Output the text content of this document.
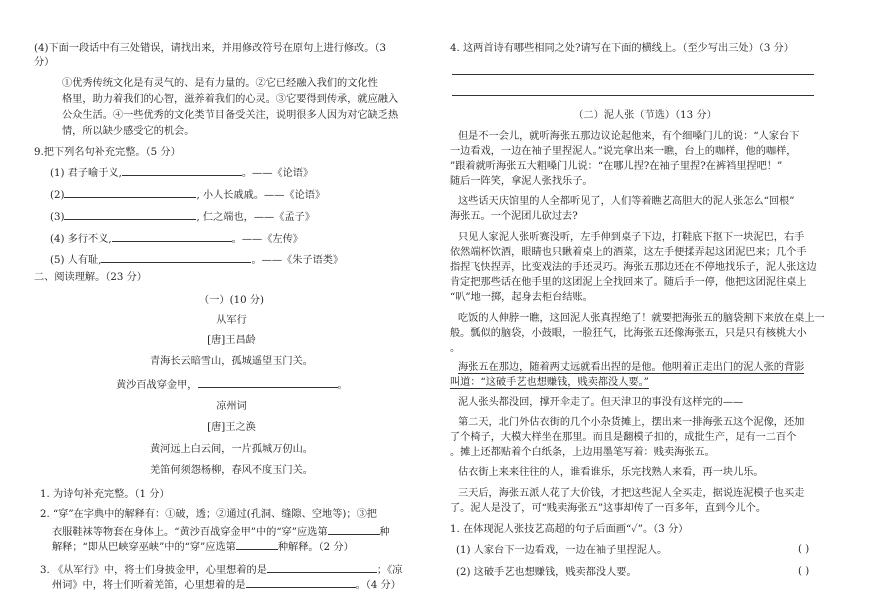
(4)下面一段话中有三处错误，请找出来，并用修改符号在原句上进行修改。（3
分）
①优秀传统文化是有灵气的、是有力量的。②它已经融入我们的文化性
格里，助力着我们的心智，滋养着我们的心灵。③它要得到传承，就应融入
公众生活。④一些优秀的文化类节目备受关注，说明很多人因为对它缺乏热
情，所以缺少感受它的机会。
9.把下列名句补充完整。（5 分）
(1) 君子喻于义,	。——《论语》
(2)	, 小人长戚戚。——《论语》
(3)	, 仁之端也，——《孟子》
(4) 多行不义,	。——《左传》
(5) 人有耻,	。——《朱子语类》
二、阅读理解。（23 分）
（一）(10 分)
从军行
[唐]王昌龄
青海长云暗雪山，孤城遥望玉门关。
黄沙百战穿金甲，	。
凉州词
[唐]王之涣
黄河远上白云间，一片孤城万仞山。
羌笛何须怨杨柳，春风不度玉门关。
1. 为诗句补充完整。（1 分）
2. “穿”在字典中的解释有：①破，透；②通过(孔洞、缝隙、空地等)；③把
衣服鞋袜等物套在身体上。“黄沙百战穿金甲”中的“穿”应选第	种
解释；“即从巴峡穿巫峡”中的“穿”应选第	种解释。（2 分）
3. 《从军行》中，将士们身披金甲，心里想着的是	；《凉
州词》中，将士们听着羌笛，心里想着的是	。（4 分）
4. 这两首诗有哪些相同之处?请写在下面的横线上。（至少写出三处）（3 分）
（二）泥人张（节选）（13 分）
但是不一会儿，就听海张五那边议论起他来，有个细嗓门儿的说：“人家台下
一边看戏，一边在袖子里捏泥人。”说完拿出来一瞧，台上的咖样，他的咖样，
”跟着就听海张五大粗嗓门儿说：“在哪儿捏?在袖子里捏?在裤裆里捏吧！”
随后一阵笑，拿泥人张找乐子。
这些话天庆馆里的人全都听见了，人们等着瞧艺高胆大的泥人张怎么“回根”
海张五。一个泥团儿砍过去?
只见人家泥人张听赛没听，左手伸到桌子下边，打鞋底下抠下一块泥巴，右手
依然端杯饮酒，眼睛也只瞅着桌上的酒菜，这左手便揉弄起这团泥巴来；几个手
指捏飞快捏弄，比变戏法的手还灵巧。海张五那边还在不停地找乐子，泥人张这边
肯定把那些话在他手里的这团泥上全找回来了。随后手一停，他把这团泥往桌上
“叭”地一掷，起身去柜台结账。
吃饭的人伸脖一瞧，这回泥人张真捏绝了！就要把海张五的脑袋割下来放在桌上一
般。瓢似的脑袋，小鼓眼，一脸狂气，比海张五还像海张五，只是只有核桃大小
。
海张五在那边，随着两丈远就看出捏的是他。他明着正走出门的泥人张的背影
叫道：“这破手艺也想赚钱，贱卖都没人要。”
泥人张头都没回，撑开伞走了。但天津卫的事没有这样完的——
第二天，北门外估衣街的几个小杂货摊上，摆出来一排海张五这个泥像，还加
了个椅子，大模大样坐在那里。而且是翻模子扣的，成批生产，足有一二百个
。摊上还都贴着个白纸条，上边用墨笔写着：贱卖海张五。
估衣街上来来往往的人，谁看谁乐，乐完找熟人来看，再一块儿乐。
三天后，海张五派人花了大价钱，才把这些泥人全买走，据说连泥模子也买走
了。泥人是没了，可“贱卖海张五”这事却传了一百多年，直到今儿个。
1. 在体现泥人张技艺高超的句子后面画“✓”。（3 分）
(1) 人家台下一边看戏，一边在袖子里捏泥人。	( )
(2) 这破手艺也想赚钱，贱卖都没人要。	( )
